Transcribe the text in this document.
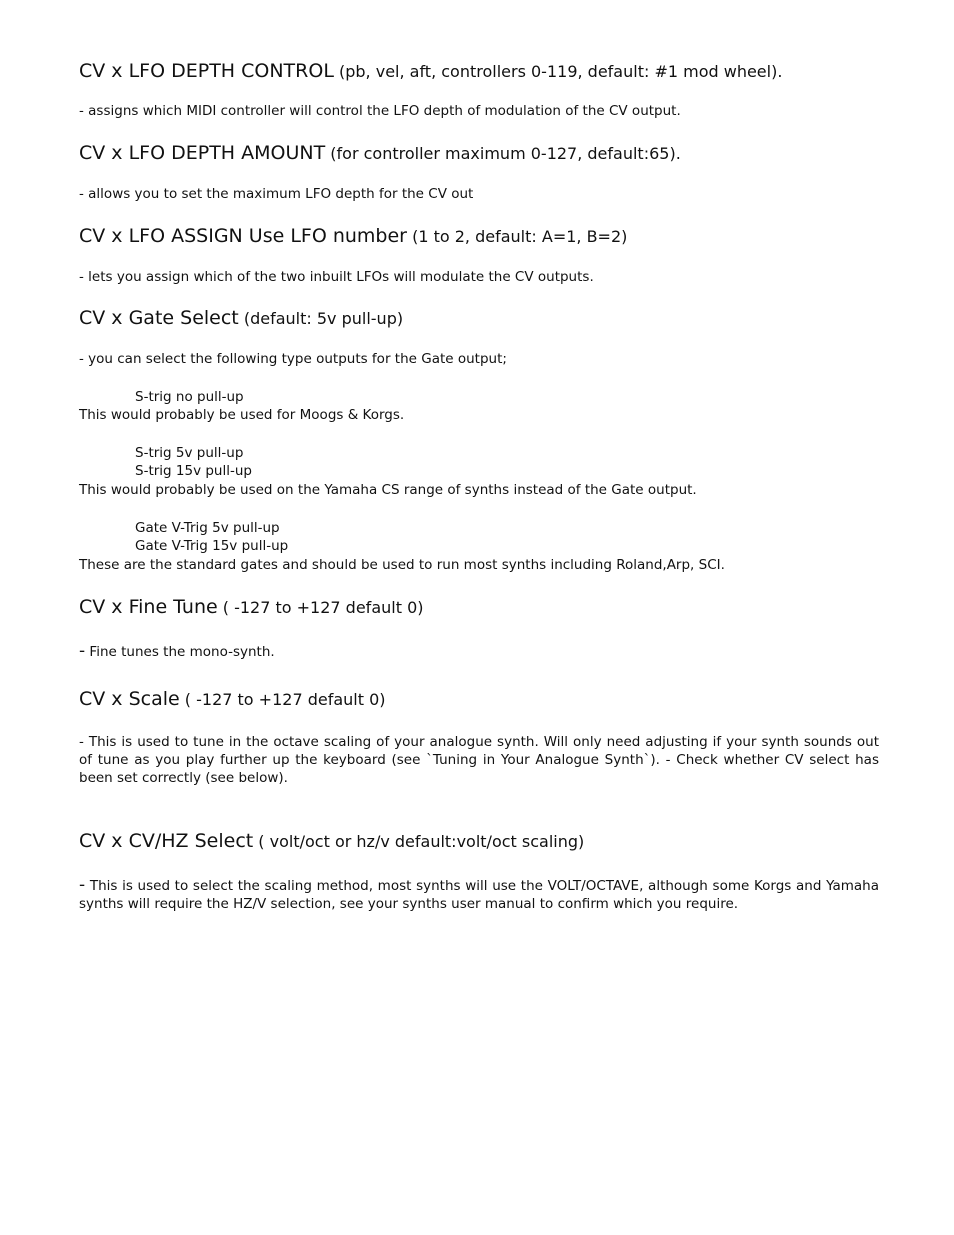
CV x LFO DEPTH CONTROL (pb, vel, aft, controllers 0-119, default: #1 mod wheel).
- assigns which MIDI controller will control the LFO depth of modulation of the CV output.
CV x LFO DEPTH AMOUNT (for controller maximum 0-127, default:65).
- allows you to set the maximum LFO depth for the CV out
CV x LFO ASSIGN Use LFO number (1 to 2, default: A=1, B=2)
- lets you assign which of the two inbuilt LFOs will modulate the CV outputs.
CV x Gate Select (default: 5v pull-up)
- you can select the following type outputs for the Gate output;
S-trig no pull-up
This would probably be used for Moogs & Korgs.
S-trig 5v pull-up
S-trig 15v pull-up
This would probably be used on the Yamaha CS range of synths instead of the Gate output.
Gate V-Trig 5v pull-up
Gate V-Trig 15v pull-up
These are the standard gates and should be used to run most synths including Roland,Arp, SCI.
CV x Fine Tune ( -127 to +127 default 0)
- Fine tunes the mono-synth.
CV x Scale ( -127 to +127 default 0)
- This is used to tune in the octave scaling of your analogue synth. Will only need adjusting if your synth sounds out of tune as you play further up the keyboard (see `Tuning in Your Analogue Synth`). - Check whether CV select has been set correctly (see below).
CV x CV/HZ Select ( volt/oct or hz/v default:volt/oct scaling)
- This is used to select the scaling method, most synths will use the VOLT/OCTAVE, although some Korgs and Yamaha synths will require the HZ/V selection, see your synths user manual to confirm which you require.
